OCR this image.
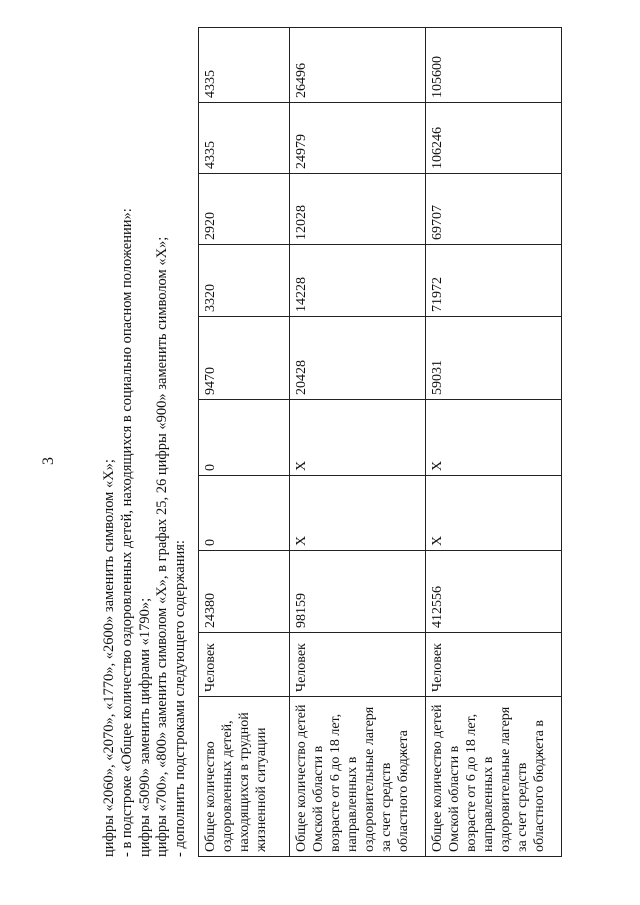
3	цифры «2060», «2070», «1770», «2600» заменить символом «Х»; - в подстроке «Общее количество оздоровленных детей, находящихся в социально опасном положении»: цифры «5090» заменить цифрами «1790»; цифры «700», «800» заменить символом «Х», в графах 25, 26 цифры «900» заменить символом «Х»; - дополнить подстроками следующего содержания: Общее количество оздоровленных детей, находящихся в трудной жизненной ситуации	Человек	24380	0	0	9470	3320	2920	4335	4335
Общее количество детей Омской области в возрасте от 6 до 18 лет, направленных в оздоровительные лагеря за счет средств областного бюджета	Человек	98159	Х	Х	20428	14228	12028	24979	26496
Общее количество детей Омской области в возрасте от 6 до 18 лет, направленных в оздоровительные лагеря за счет средств областного бюджета в	Человек	412556	Х	Х	59031	71972	69707	106246	105600
